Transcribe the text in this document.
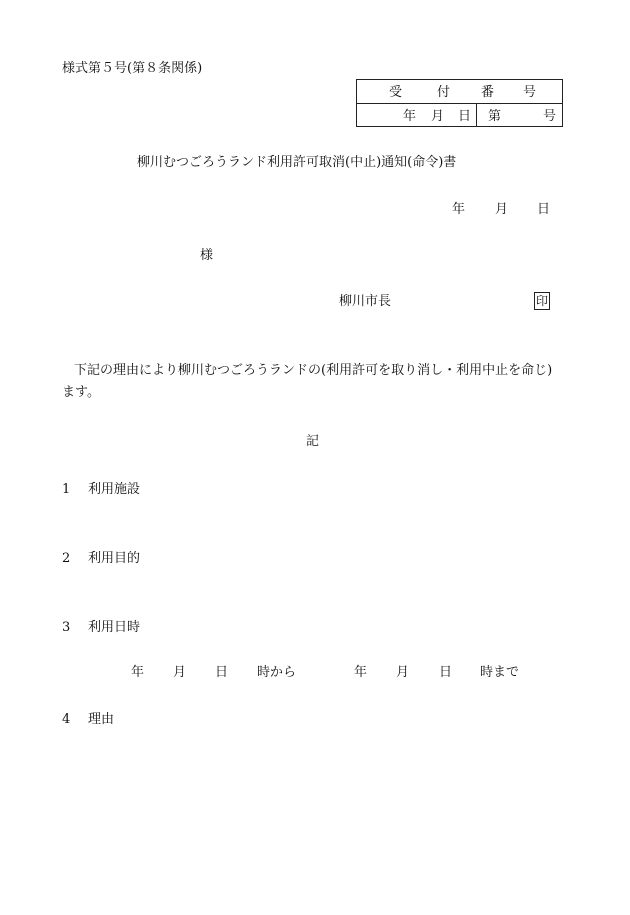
様式第５号(第８条関係)
受	付 番 号
年 月 日 第	号
柳川むつごろうランド利用許可取消(中止)通知(命令)書
年 月 日
様
柳川市長	印
下記の理由により柳川むつごろうランドの(利用許可を取り消し・利用中止を命じ)
ます。
記
1 利用施設
2 利用目的
3 利用日時
年 月 日 時から	年 月 日 時まで
4 理由
